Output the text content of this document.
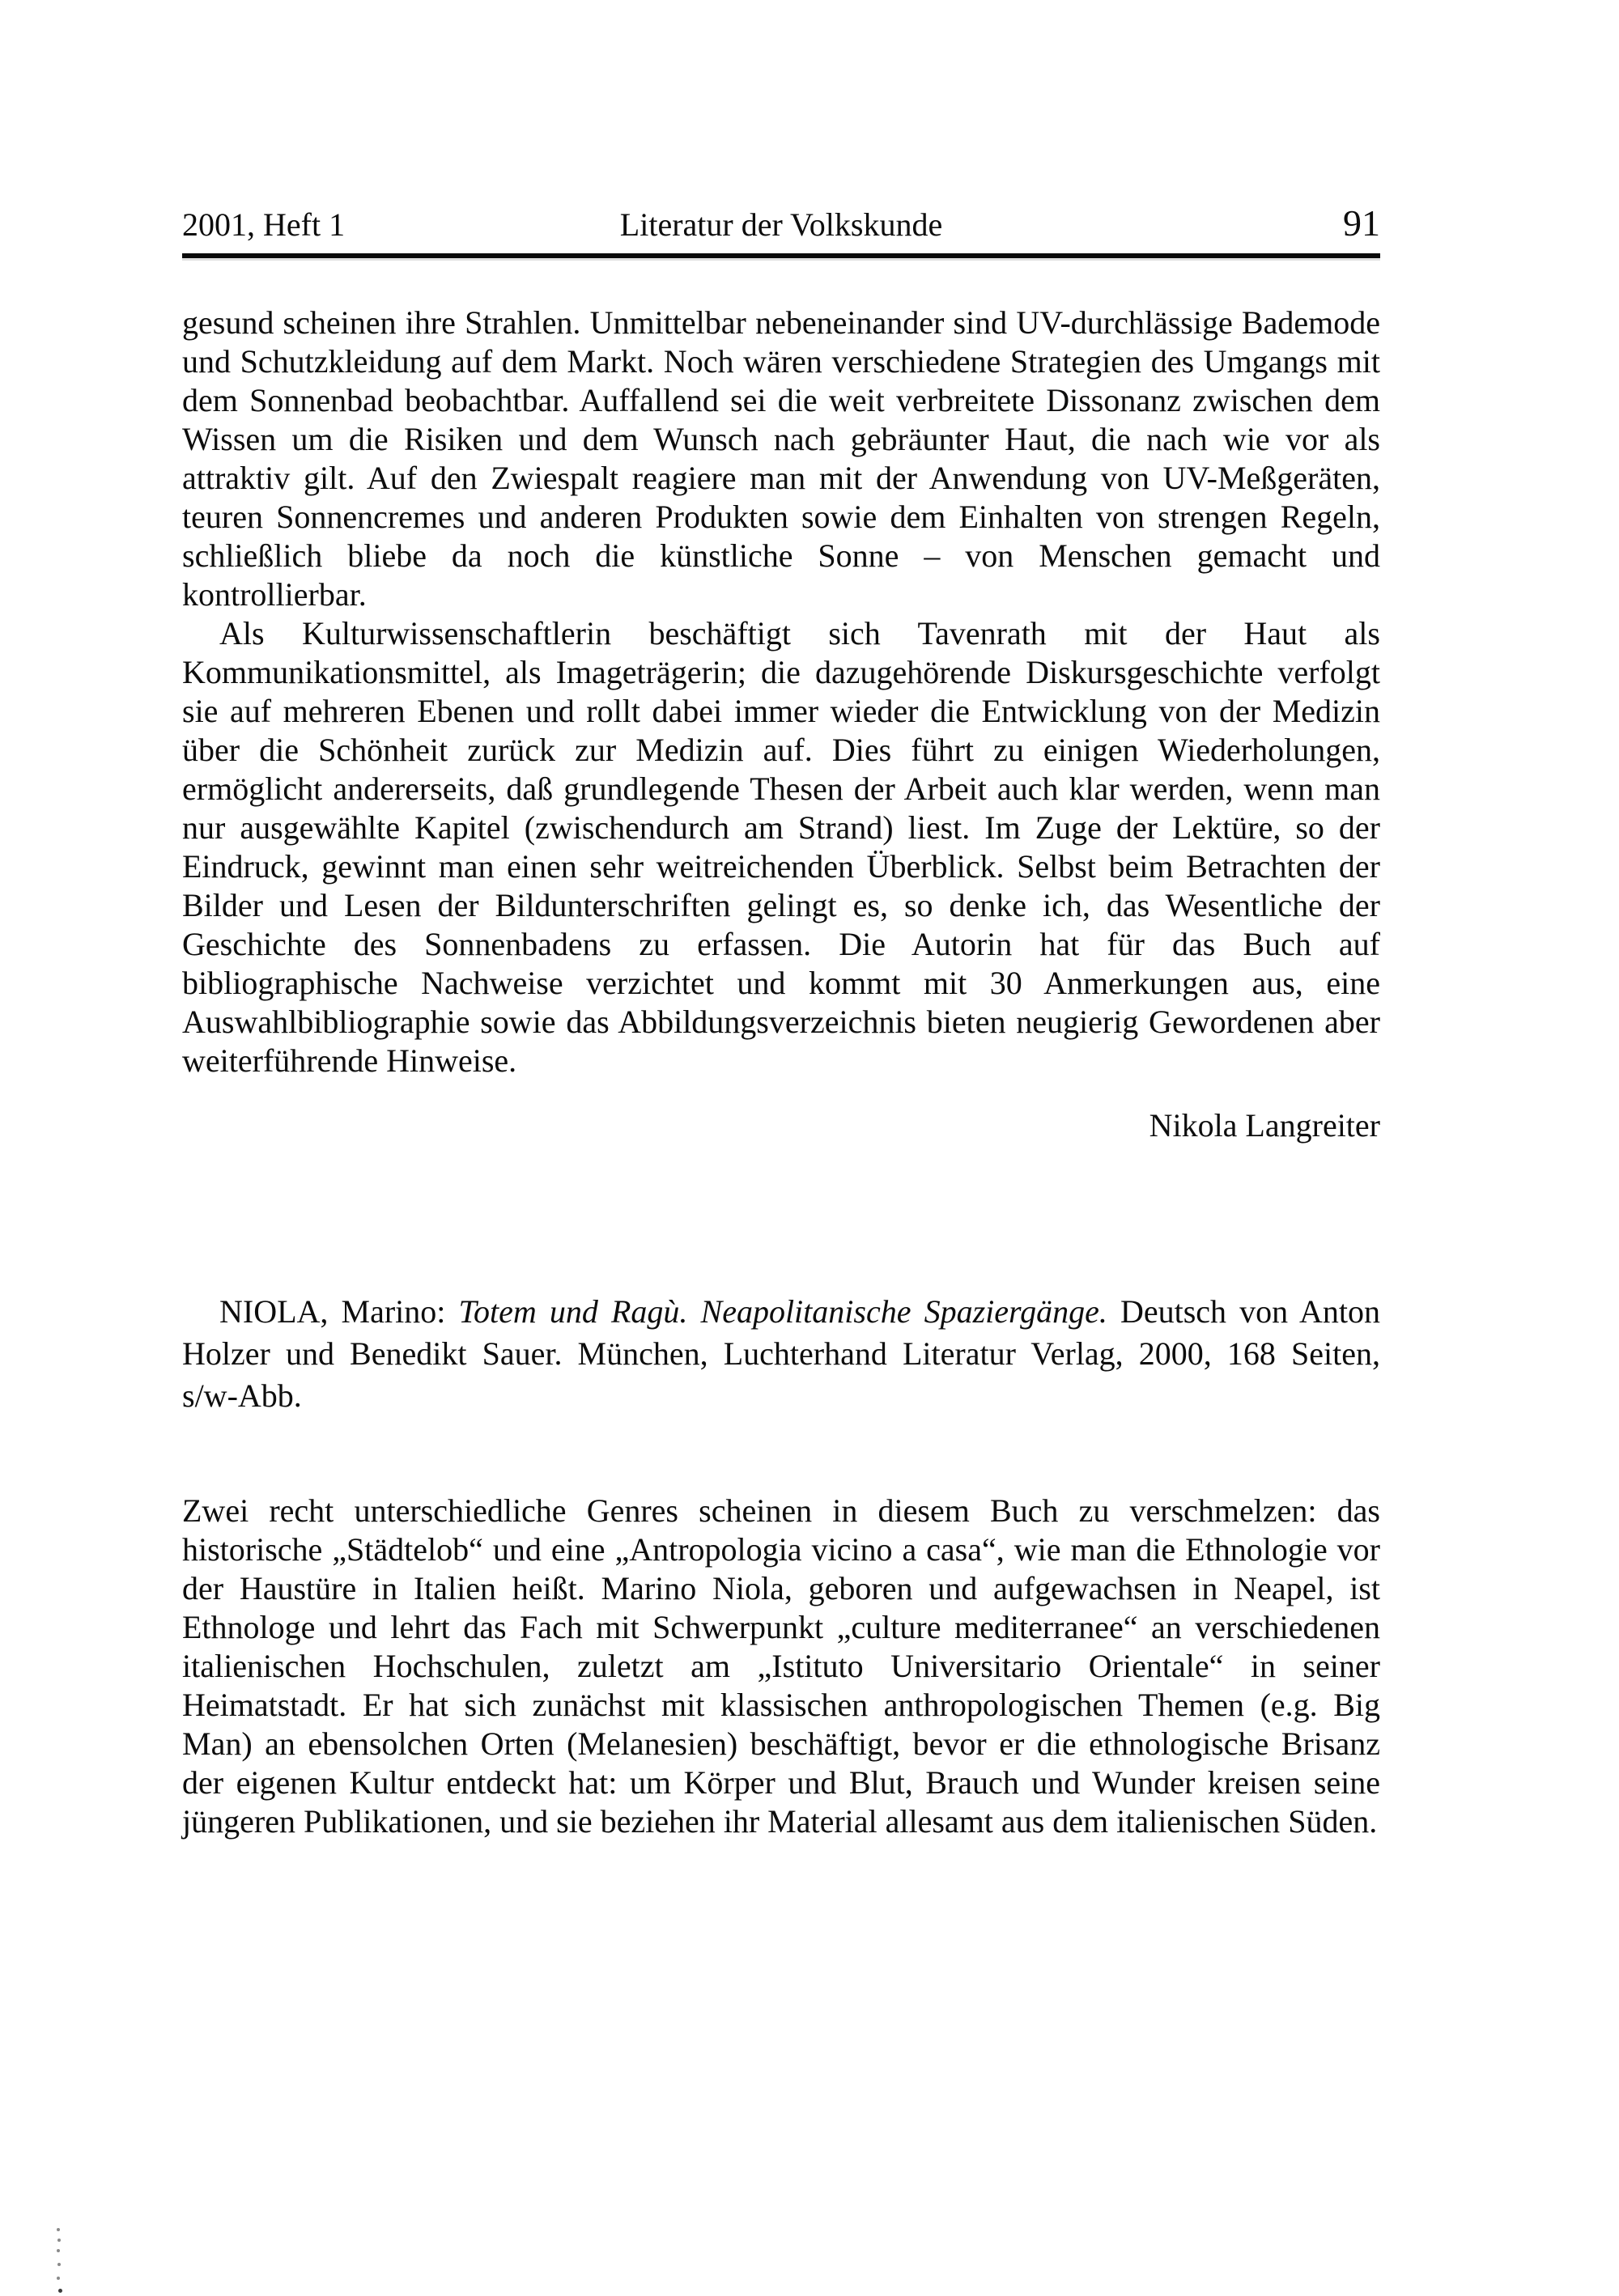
2001, Heft 1	Literatur der Volkskunde	91

gesund scheinen ihre Strahlen. Unmittelbar nebeneinander sind UV-durchlässige Bademode und Schutzkleidung auf dem Markt. Noch wären verschiedene Strategien des Umgangs mit dem Sonnenbad beobachtbar. Auffallend sei die weit verbreitete Dissonanz zwischen dem Wissen um die Risiken und dem Wunsch nach gebräunter Haut, die nach wie vor als attraktiv gilt. Auf den Zwiespalt reagiere man mit der Anwendung von UV-Meßgeräten, teuren Sonnencremes und anderen Produkten sowie dem Einhalten von strengen Regeln, schließlich bliebe da noch die künstliche Sonne – von Menschen gemacht und kontrollierbar.

Als Kulturwissenschaftlerin beschäftigt sich Tavenrath mit der Haut als Kommunikationsmittel, als Imageträgerin; die dazugehörende Diskursgeschichte verfolgt sie auf mehreren Ebenen und rollt dabei immer wieder die Entwicklung von der Medizin über die Schönheit zurück zur Medizin auf. Dies führt zu einigen Wiederholungen, ermöglicht andererseits, daß grundlegende Thesen der Arbeit auch klar werden, wenn man nur ausgewählte Kapitel (zwischendurch am Strand) liest. Im Zuge der Lektüre, so der Eindruck, gewinnt man einen sehr weitreichenden Überblick. Selbst beim Betrachten der Bilder und Lesen der Bildunterschriften gelingt es, so denke ich, das Wesentliche der Geschichte des Sonnenbadens zu erfassen. Die Autorin hat für das Buch auf bibliographische Nachweise verzichtet und kommt mit 30 Anmerkungen aus, eine Auswahlbibliographie sowie das Abbildungsverzeichnis bieten neugierig Gewordenen aber weiterführende Hinweise.

Nikola Langreiter

NIOLA, Marino: Totem und Ragù. Neapolitanische Spaziergänge. Deutsch von Anton Holzer und Benedikt Sauer. München, Luchterhand Literatur Verlag, 2000, 168 Seiten, s/w-Abb.

Zwei recht unterschiedliche Genres scheinen in diesem Buch zu verschmelzen: das historische „Städtelob“ und eine „Antropologia vicino a casa“, wie man die Ethnologie vor der Haustüre in Italien heißt. Marino Niola, geboren und aufgewachsen in Neapel, ist Ethnologe und lehrt das Fach mit Schwerpunkt „culture mediterranee“ an verschiedenen italienischen Hochschulen, zuletzt am „Istituto Universitario Orientale“ in seiner Heimatstadt. Er hat sich zunächst mit klassischen anthropologischen Themen (e.g. Big Man) an ebensolchen Orten (Melanesien) beschäftigt, bevor er die ethnologische Brisanz der eigenen Kultur entdeckt hat: um Körper und Blut, Brauch und Wunder kreisen seine jüngeren Publikationen, und sie beziehen ihr Material allesamt aus dem italienischen Süden.
